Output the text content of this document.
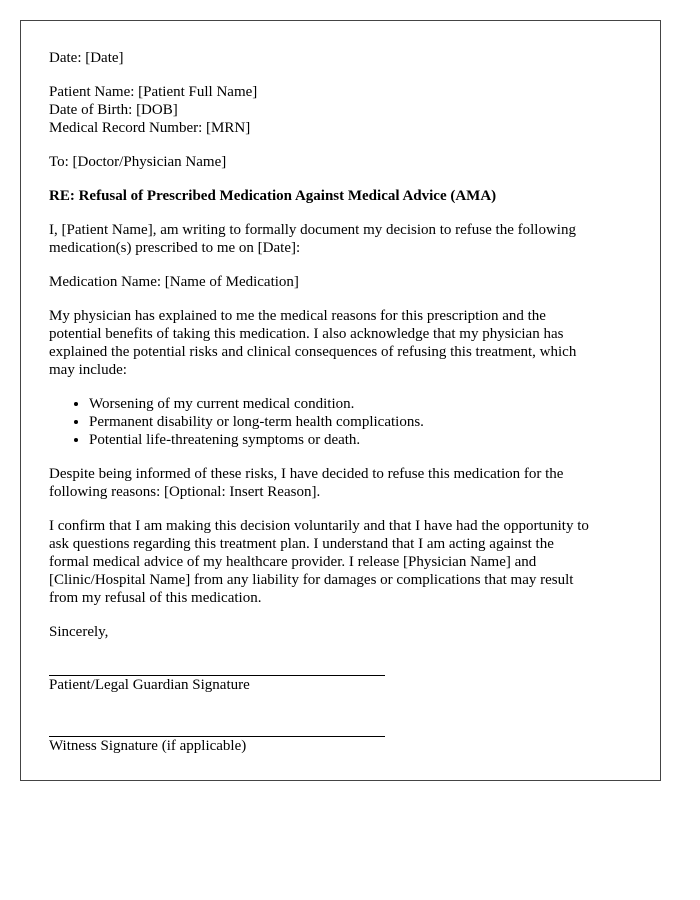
Date: [Date]

Patient Name: [Patient Full Name]
Date of Birth: [DOB]
Medical Record Number: [MRN]

To: [Doctor/Physician Name]

RE: Refusal of Prescribed Medication Against Medical Advice (AMA)

I, [Patient Name], am writing to formally document my decision to refuse the following
medication(s) prescribed to me on [Date]:

Medication Name: [Name of Medication]

My physician has explained to me the medical reasons for this prescription and the
potential benefits of taking this medication. I also acknowledge that my physician has
explained the potential risks and clinical consequences of refusing this treatment, which
may include:

• Worsening of my current medical condition.
• Permanent disability or long-term health complications.
• Potential life-threatening symptoms or death.

Despite being informed of these risks, I have decided to refuse this medication for the
following reasons: [Optional: Insert Reason].

I confirm that I am making this decision voluntarily and that I have had the opportunity to
ask questions regarding this treatment plan. I understand that I am acting against the
formal medical advice of my healthcare provider. I release [Physician Name] and
[Clinic/Hospital Name] from any liability for damages or complications that may result
from my refusal of this medication.

Sincerely,

Patient/Legal Guardian Signature
Witness Signature (if applicable)
